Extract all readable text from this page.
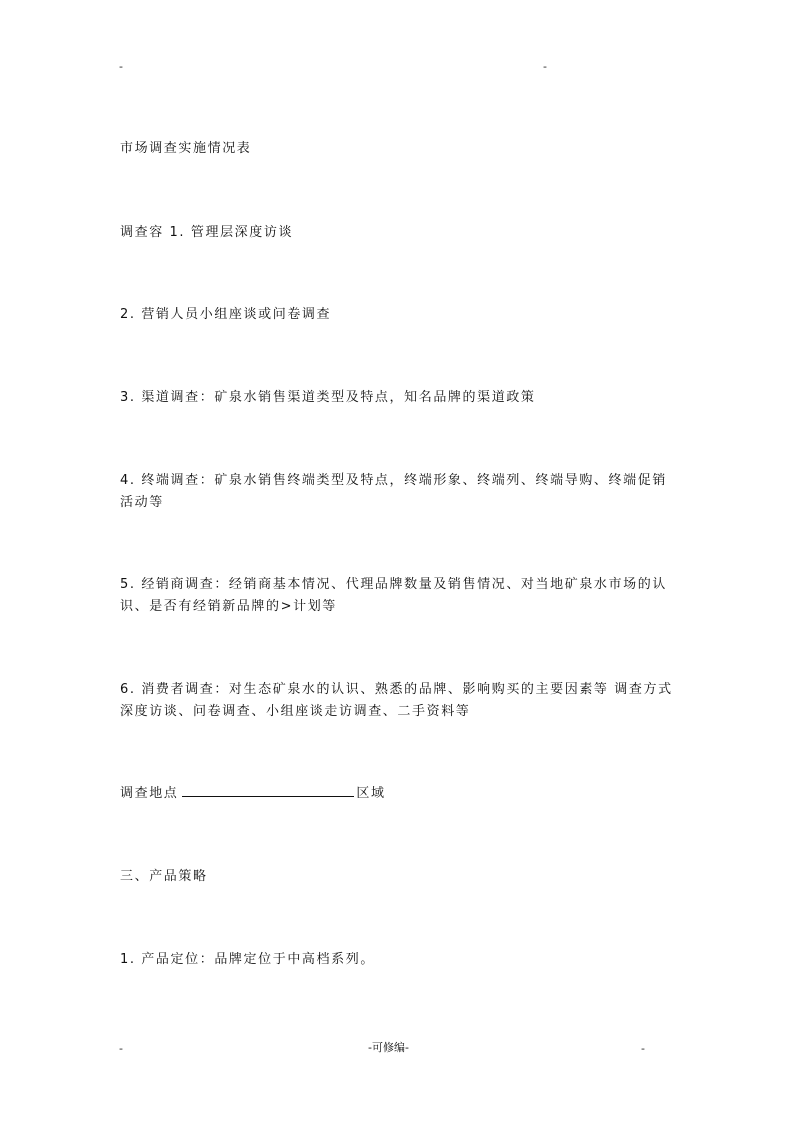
-	-
市场调查实施情况表
调查容 1. 管理层深度访谈
2. 营销人员小组座谈或问卷调查
3. 渠道调查：矿泉水销售渠道类型及特点，知名品牌的渠道政策
4. 终端调查：矿泉水销售终端类型及特点，终端形象、终端列、终端导购、终端促销活动等
5. 经销商调查：经销商基本情况、代理品牌数量及销售情况、对当地矿泉水市场的认识、是否有经销新品牌的>计划等
6. 消费者调查：对生态矿泉水的认识、熟悉的品牌、影响购买的主要因素等 调查方式深度访谈、问卷调查、小组座谈走访调查、二手资料等
调查地点	区域
三、产品策略
1. 产品定位：品牌定位于中高档系列。
-	-可修编-	-
